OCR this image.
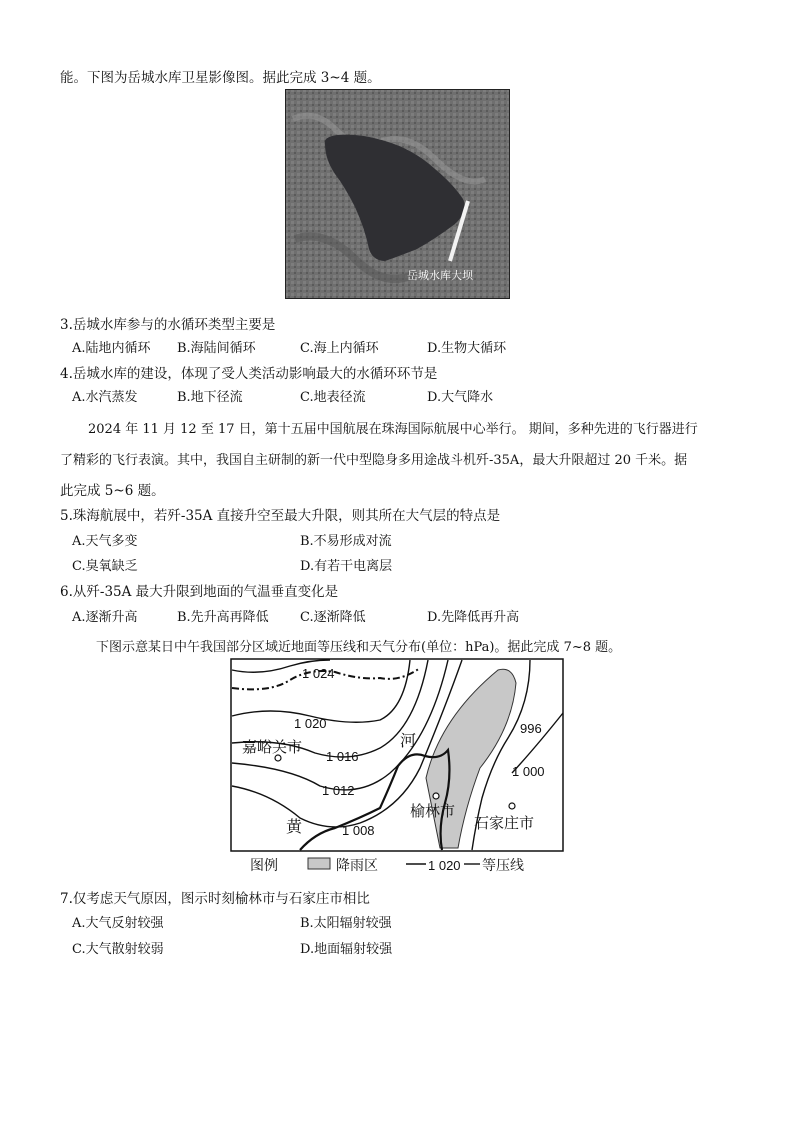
能。下图为岳城水库卫星影像图。据此完成 3~4 题。
岳城水库大坝
3.岳城水库参与的水循环类型主要是
A.陆地内循环 B.海陆间循环	C.海上内循环	D.生物大循环
4.岳城水库的建设，体现了受人类活动影响最大的水循环环节是
A.水汽蒸发	B.地下径流	C.地表径流	D.大气降水
2024 年 11 月 12 至 17 日，第十五届中国航展在珠海国际航展中心举行。 期间，多种先进的飞行器进行
了精彩的飞行表演。其中，我国自主研制的新一代中型隐身多用途战斗机歼-35A，最大升限超过 20 千米。据
此完成 5~6 题。
5.珠海航展中，若歼-35A 直接升空至最大升限，则其所在大气层的特点是
A.天气多变	B.不易形成对流
C.臭氧缺乏	D.有若干电离层
6.从歼-35A 最大升限到地面的气温垂直变化是
A.逐渐升高	B.先升高再降低 C.逐渐降低	D.先降低再升高
下图示意某日中午我国部分区域近地面等压线和天气分布(单位：hPa)。据此完成 7~8 题。
1 024
1 020
1 016
1 012
1 008
996
1 000
嘉峪关市
榆林市
石家庄市
河
黄
图例	降雨区	1 020 等压线
7.仅考虑天气原因，图示时刻榆林市与石家庄市相比
A.大气反射较强	B.太阳辐射较强
C.大气散射较弱	D.地面辐射较强
